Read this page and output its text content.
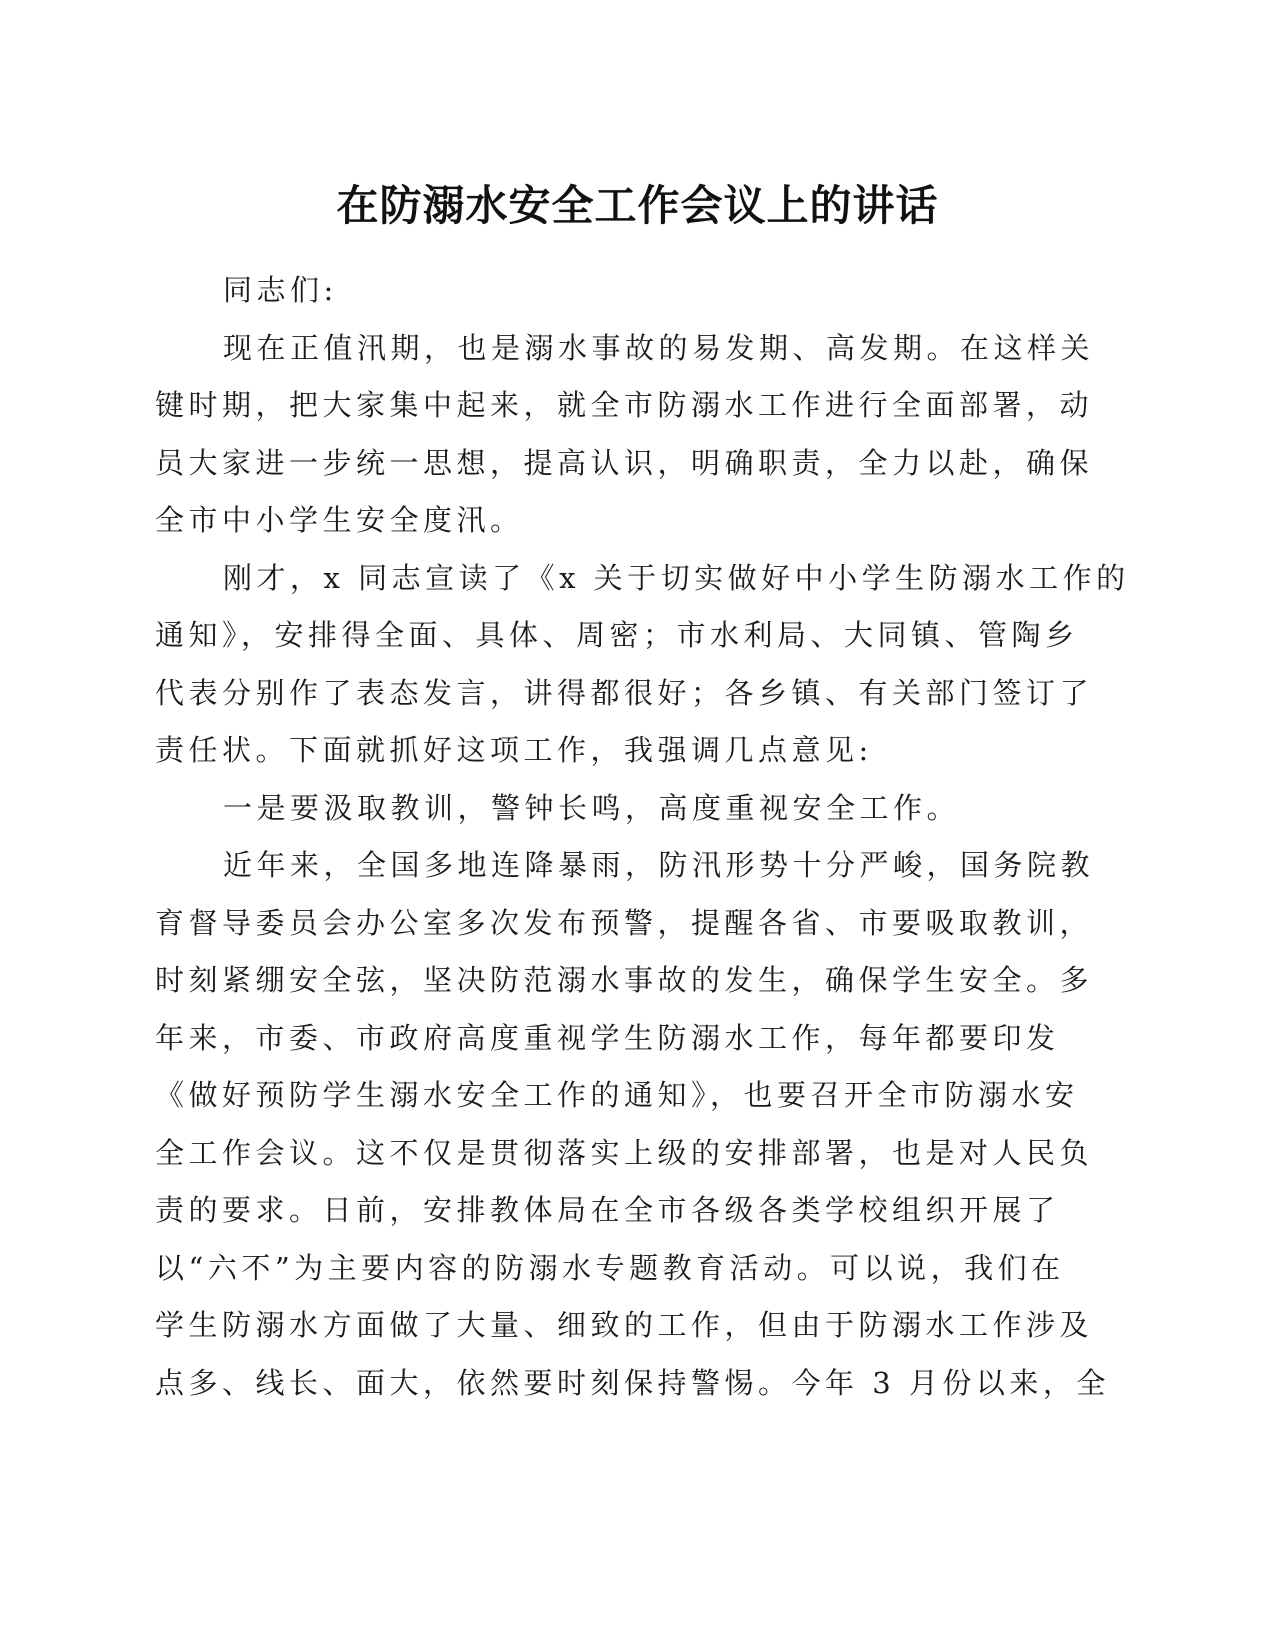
在防溺水安全工作会议上的讲话
同志们:
现在正值汛期，也是溺水事故的易发期、高发期。在这样关
键时期，把大家集中起来，就全市防溺水工作进行全面部署，动
员大家进一步统一思想，提高认识，明确职责，全力以赴，确保
全市中小学生安全度汛。
刚才，x 同志宣读了《x 关于切实做好中小学生防溺水工作的
通知》，安排得全面、具体、周密；市水利局、大同镇、管陶乡
代表分别作了表态发言，讲得都很好；各乡镇、有关部门签订了
责任状。下面就抓好这项工作，我强调几点意见:
一是要汲取教训，警钟长鸣，高度重视安全工作。
近年来，全国多地连降暴雨，防汛形势十分严峻，国务院教
育督导委员会办公室多次发布预警，提醒各省、市要吸取教训，
时刻紧绷安全弦，坚决防范溺水事故的发生，确保学生安全。多
年来，市委、市政府高度重视学生防溺水工作，每年都要印发
《做好预防学生溺水安全工作的通知》，也要召开全市防溺水安
全工作会议。这不仅是贯彻落实上级的安排部署，也是对人民负
责的要求。日前，安排教体局在全市各级各类学校组织开展了
以“六不”为主要内容的防溺水专题教育活动。可以说，我们在
学生防溺水方面做了大量、细致的工作，但由于防溺水工作涉及
点多、线长、面大，依然要时刻保持警惕。今年 3 月份以来，全
